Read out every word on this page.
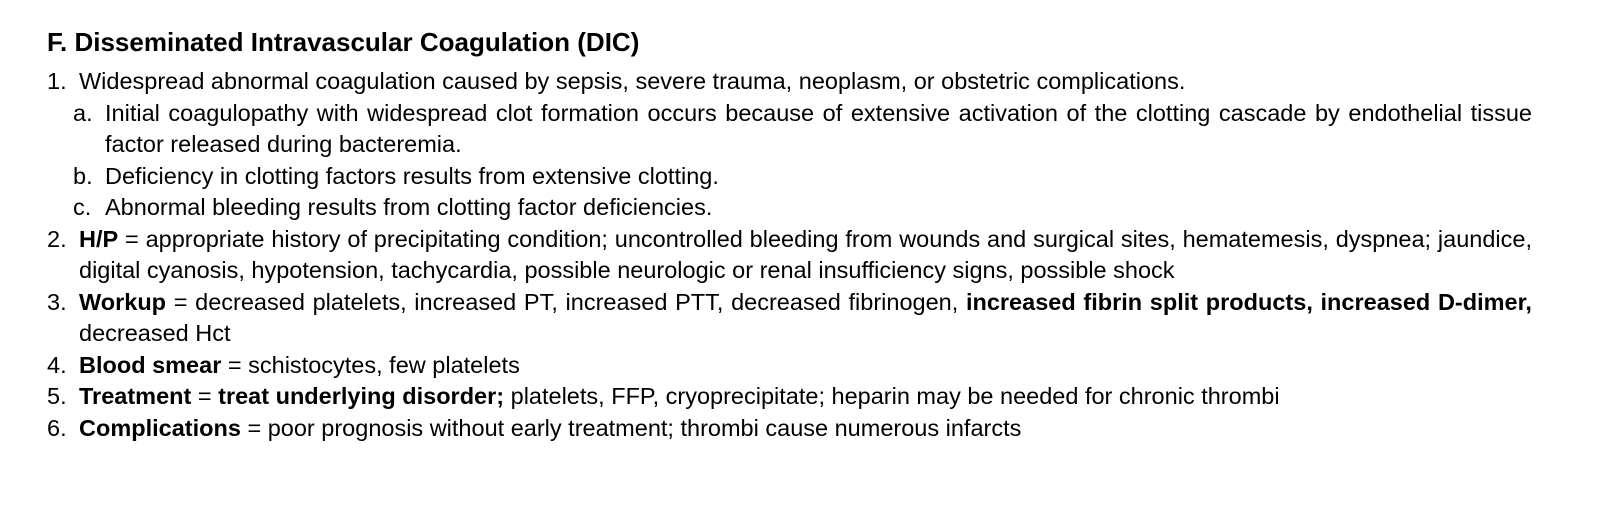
F. Disseminated Intravascular Coagulation (DIC)
1. Widespread abnormal coagulation caused by sepsis, severe trauma, neoplasm, or obstetric complications.
a. Initial coagulopathy with widespread clot formation occurs because of extensive activation of the clotting cascade by endothelial tissue factor released during bacteremia.
b. Deficiency in clotting factors results from extensive clotting.
c. Abnormal bleeding results from clotting factor deficiencies.
2. H/P = appropriate history of precipitating condition; uncontrolled bleeding from wounds and surgical sites, hematemesis, dyspnea; jaundice, digital cyanosis, hypotension, tachycardia, possible neurologic or renal insufficiency signs, possible shock
3. Workup = decreased platelets, increased PT, increased PTT, decreased fibrinogen, increased fibrin split products, increased D-dimer, decreased Hct
4. Blood smear = schistocytes, few platelets
5. Treatment = treat underlying disorder; platelets, FFP, cryoprecipitate; heparin may be needed for chronic thrombi
6. Complications = poor prognosis without early treatment; thrombi cause numerous infarcts
